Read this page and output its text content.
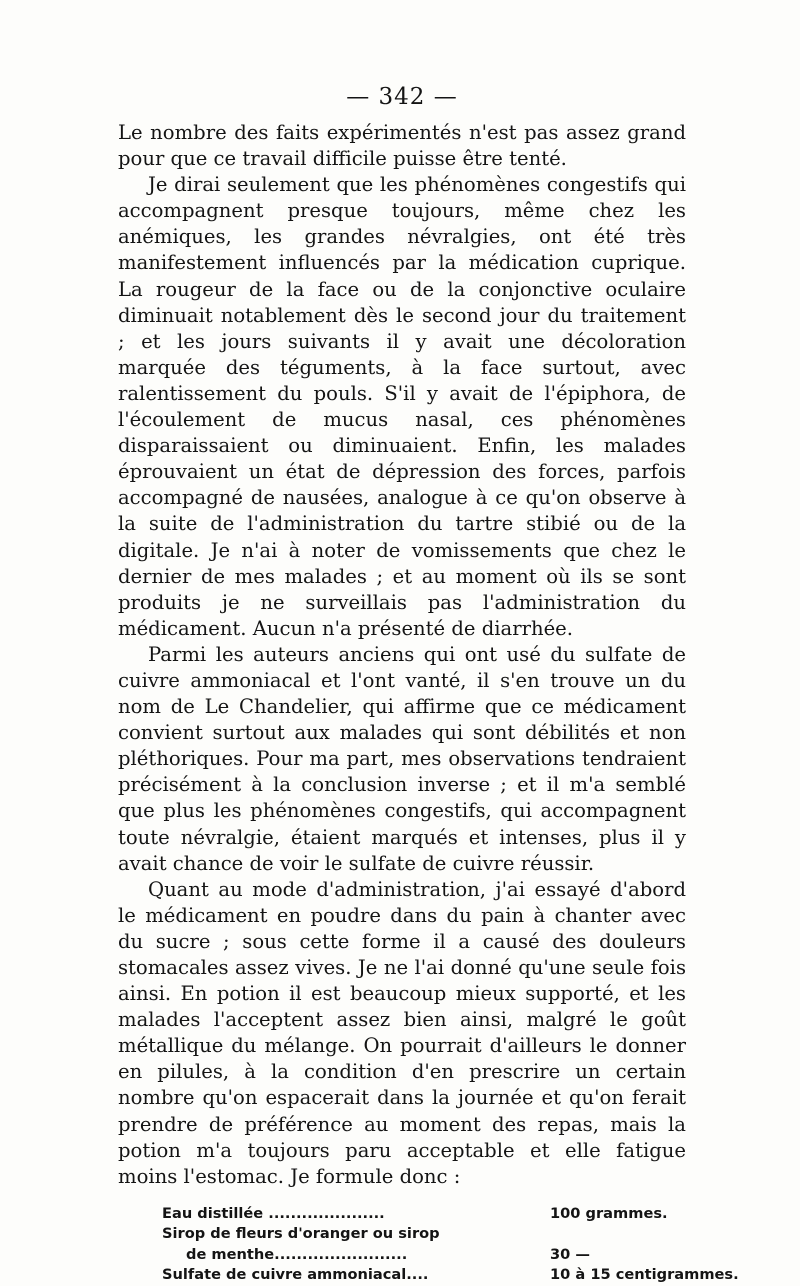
— 342 —

Le nombre des faits expérimentés n'est pas assez grand pour que ce travail difficile puisse être tenté.

Je dirai seulement que les phénomènes congestifs qui accompagnent presque toujours, même chez les anémiques, les grandes névralgies, ont été très manifestement influencés par la médication cuprique. La rougeur de la face ou de la conjonctive oculaire diminuait notablement dès le second jour du traitement ; et les jours suivants il y avait une décoloration marquée des téguments, à la face surtout, avec ralentissement du pouls. S'il y avait de l'épiphora, de l'écoulement de mucus nasal, ces phénomènes disparaissaient ou diminuaient. Enfin, les malades éprouvaient un état de dépression des forces, parfois accompagné de nausées, analogue à ce qu'on observe à la suite de l'administration du tartre stibié ou de la digitale. Je n'ai à noter de vomissements que chez le dernier de mes malades ; et au moment où ils se sont produits je ne surveillais pas l'administration du médicament. Aucun n'a présenté de diarrhée.

Parmi les auteurs anciens qui ont usé du sulfate de cuivre ammoniacal et l'ont vanté, il s'en trouve un du nom de Le Chandelier, qui affirme que ce médicament convient surtout aux malades qui sont débilités et non pléthoriques. Pour ma part, mes observations tendraient précisément à la conclusion inverse ; et il m'a semblé que plus les phénomènes congestifs, qui accompagnent toute névralgie, étaient marqués et intenses, plus il y avait chance de voir le sulfate de cuivre réussir.

Quant au mode d'administration, j'ai essayé d'abord le médicament en poudre dans du pain à chanter avec du sucre ; sous cette forme il a causé des douleurs stomacales assez vives. Je ne l'ai donné qu'une seule fois ainsi. En potion il est beaucoup mieux supporté, et les malades l'acceptent assez bien ainsi, malgré le goût métallique du mélange. On pourrait d'ailleurs le donner en pilules, à la condition d'en prescrire un certain nombre qu'on espacerait dans la journée et qu'on ferait prendre de préférence au moment des repas, mais la potion m'a toujours paru acceptable et elle fatigue moins l'estomac. Je formule donc :

Eau distillée .....................	100 grammes.
Sirop de fleurs d'oranger ou sirop
de menthe........................	30 —
Sulfate de cuivre ammoniacal....	10 à 15 centigrammes.
